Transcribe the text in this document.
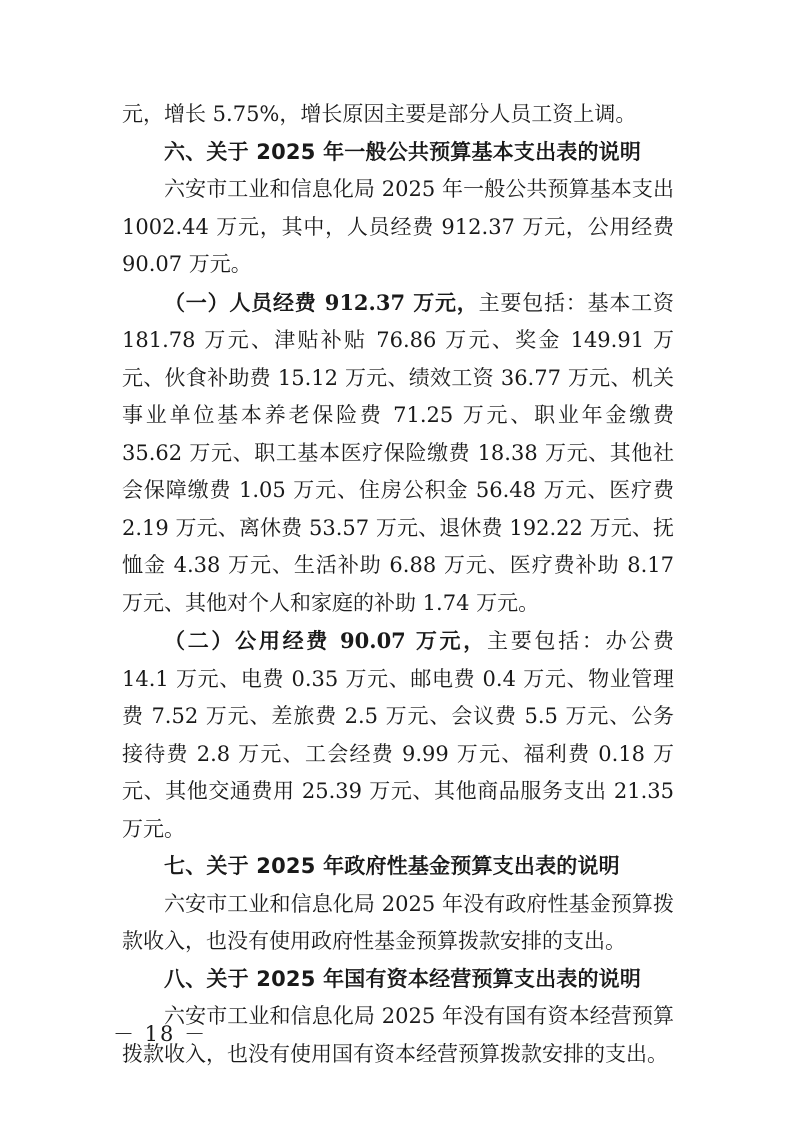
元，增长 5.75%，增长原因主要是部分人员工资上调。

六、关于 2025 年一般公共预算基本支出表的说明

六安市工业和信息化局 2025 年一般公共预算基本支出 1002.44 万元，其中，人员经费 912.37 万元，公用经费 90.07 万元。

（一）人员经费 912.37 万元，主要包括：基本工资 181.78 万元、津贴补贴 76.86 万元、奖金 149.91 万元、伙食补助费 15.12 万元、绩效工资 36.77 万元、机关事业单位基本养老保险费 71.25 万元、职业年金缴费 35.62 万元、职工基本医疗保险缴费 18.38 万元、其他社会保障缴费 1.05 万元、住房公积金 56.48 万元、医疗费 2.19 万元、离休费 53.57 万元、退休费 192.22 万元、抚恤金 4.38 万元、生活补助 6.88 万元、医疗费补助 8.17 万元、其他对个人和家庭的补助 1.74 万元。

（二）公用经费 90.07 万元，主要包括：办公费 14.1 万元、电费 0.35 万元、邮电费 0.4 万元、物业管理费 7.52 万元、差旅费 2.5 万元、会议费 5.5 万元、公务接待费 2.8 万元、工会经费 9.99 万元、福利费 0.18 万元、其他交通费用 25.39 万元、其他商品服务支出 21.35 万元。

七、关于 2025 年政府性基金预算支出表的说明

六安市工业和信息化局 2025 年没有政府性基金预算拨款收入，也没有使用政府性基金预算拨款安排的支出。

八、关于 2025 年国有资本经营预算支出表的说明

六安市工业和信息化局 2025 年没有国有资本经营预算拨款收入，也没有使用国有资本经营预算拨款安排的支出。

－ 18 －
